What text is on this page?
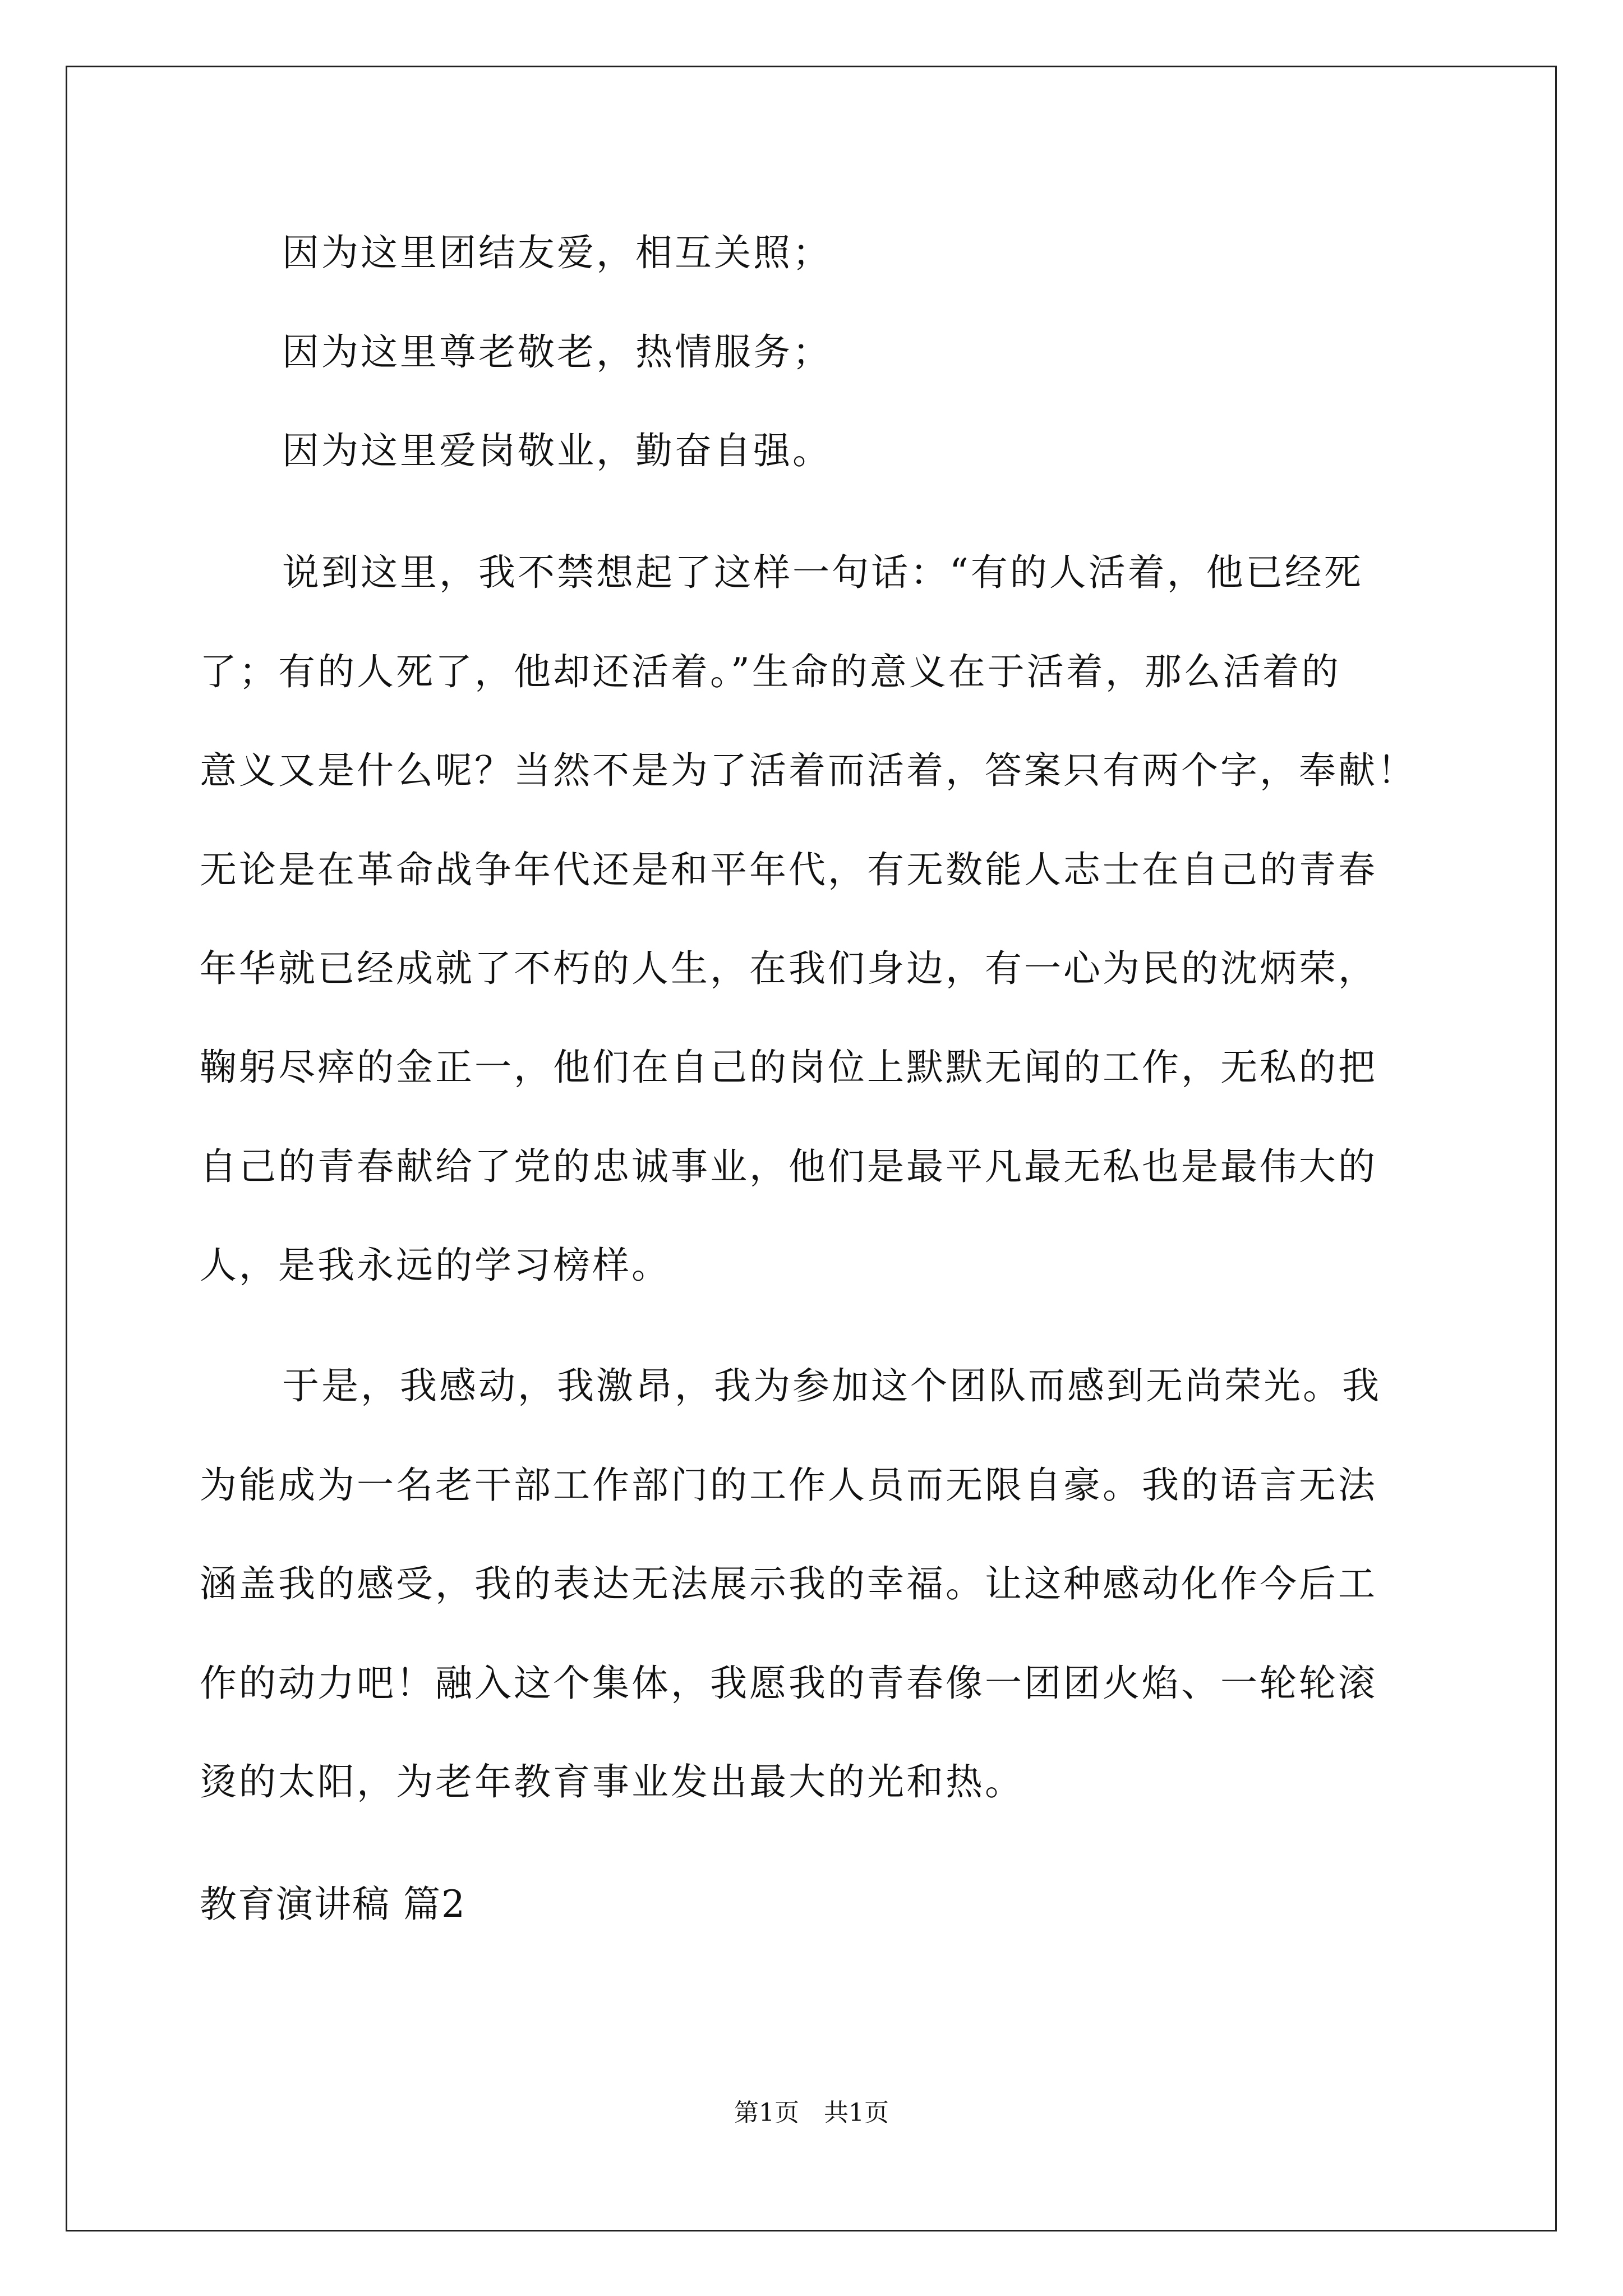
因为这里团结友爱，相互关照；
因为这里尊老敬老，热情服务；
因为这里爱岗敬业，勤奋自强。
说到这里，我不禁想起了这样一句话：“有的人活着，他已经死
了；有的人死了，他却还活着。”生命的意义在于活着，那么活着的
意义又是什么呢？当然不是为了活着而活着，答案只有两个字，奉献！
无论是在革命战争年代还是和平年代，有无数能人志士在自己的青春
年华就已经成就了不朽的人生，在我们身边，有一心为民的沈炳荣，
鞠躬尽瘁的金正一，他们在自己的岗位上默默无闻的工作，无私的把
自己的青春献给了党的忠诚事业，他们是最平凡最无私也是最伟大的
人，是我永远的学习榜样。
于是，我感动，我激昂，我为参加这个团队而感到无尚荣光。我
为能成为一名老干部工作部门的工作人员而无限自豪。我的语言无法
涵盖我的感受，我的表达无法展示我的幸福。让这种感动化作今后工
作的动力吧！融入这个集体，我愿我的青春像一团团火焰、一轮轮滚
烫的太阳，为老年教育事业发出最大的光和热。
教育演讲稿 篇2
第1页 共1页
